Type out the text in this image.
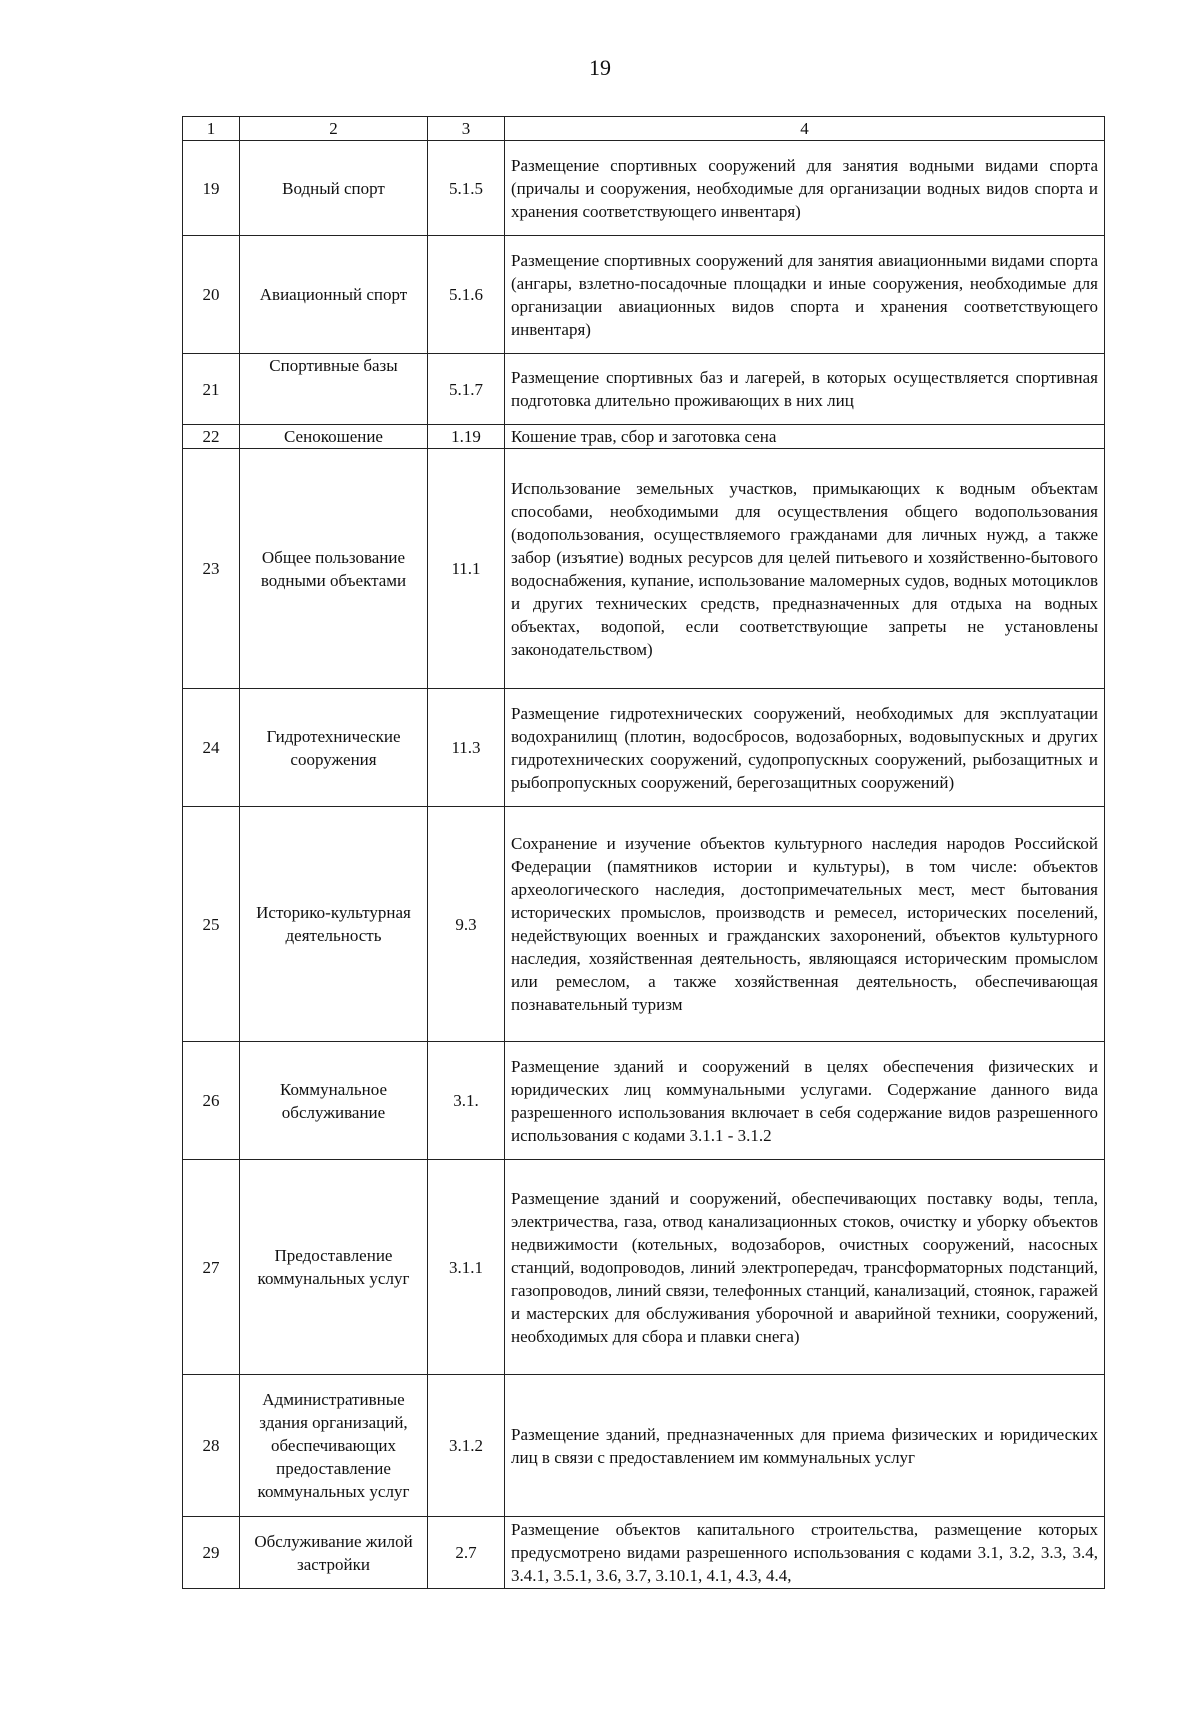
19
1	2	3	4
19	Водный спорт	5.1.5	Размещение спортивных сооружений для занятия водными видами спорта (причалы и сооружения, необходимые для организации водных видов спорта и хранения соответствующего инвентаря)
20	Авиационный спорт	5.1.6	Размещение спортивных сооружений для занятия авиационными видами спорта (ангары, взлетно-посадочные площадки и иные сооружения, необходимые для организации авиационных видов спорта и хранения соответствующего инвентаря)
21	Спортивные базы	5.1.7	Размещение спортивных баз и лагерей, в которых осуществляется спортивная подготовка длительно проживающих в них лиц
22	Сенокошение	1.19	Кошение трав, сбор и заготовка сена
23	Общее пользование водными объектами	11.1	Использование земельных участков, примыкающих к водным объектам способами, необходимыми для осуществления общего водопользования (водопользования, осуществляемого гражданами для личных нужд, а также забор (изъятие) водных ресурсов для целей питьевого и хозяйственно-бытового водоснабжения, купание, использование маломерных судов, водных мотоциклов и других технических средств, предназначенных для отдыха на водных объектах, водопой, если соответствующие запреты не установлены законодательством)
24	Гидротехнические сооружения	11.3	Размещение гидротехнических сооружений, необходимых для эксплуатации водохранилищ (плотин, водосбросов, водозаборных, водовыпускных и других гидротехнических сооружений, судопропускных сооружений, рыбозащитных и рыбопропускных сооружений, берегозащитных сооружений)
25	Историко-культурная деятельность	9.3	Сохранение и изучение объектов культурного наследия народов Российской Федерации (памятников истории и культуры), в том числе: объектов археологического наследия, достопримечательных мест, мест бытования исторических промыслов, производств и ремесел, исторических поселений, недействующих военных и гражданских захоронений, объектов культурного наследия, хозяйственная деятельность, являющаяся историческим промыслом или ремеслом, а также хозяйственная деятельность, обеспечивающая познавательный туризм
26	Коммунальное обслуживание	3.1.	Размещение зданий и сооружений в целях обеспечения физических и юридических лиц коммунальными услугами. Содержание данного вида разрешенного использования включает в себя содержание видов разрешенного использования с кодами 3.1.1 - 3.1.2
27	Предоставление коммунальных услуг	3.1.1	Размещение зданий и сооружений, обеспечивающих поставку воды, тепла, электричества, газа, отвод канализационных стоков, очистку и уборку объектов недвижимости (котельных, водозаборов, очистных сооружений, насосных станций, водопроводов, линий электропередач, трансформаторных подстанций, газопроводов, линий связи, телефонных станций, канализаций, стоянок, гаражей и мастерских для обслуживания уборочной и аварийной техники, сооружений, необходимых для сбора и плавки снега)
28	Административные здания организаций, обеспечивающих предоставление коммунальных услуг	3.1.2	Размещение зданий, предназначенных для приема физических и юридических лиц в связи с предоставлением им коммунальных услуг
29	Обслуживание жилой застройки	2.7	Размещение объектов капитального строительства, размещение которых предусмотрено видами разрешенного использования с кодами 3.1, 3.2, 3.3, 3.4, 3.4.1, 3.5.1, 3.6, 3.7, 3.10.1, 4.1, 4.3, 4.4,
